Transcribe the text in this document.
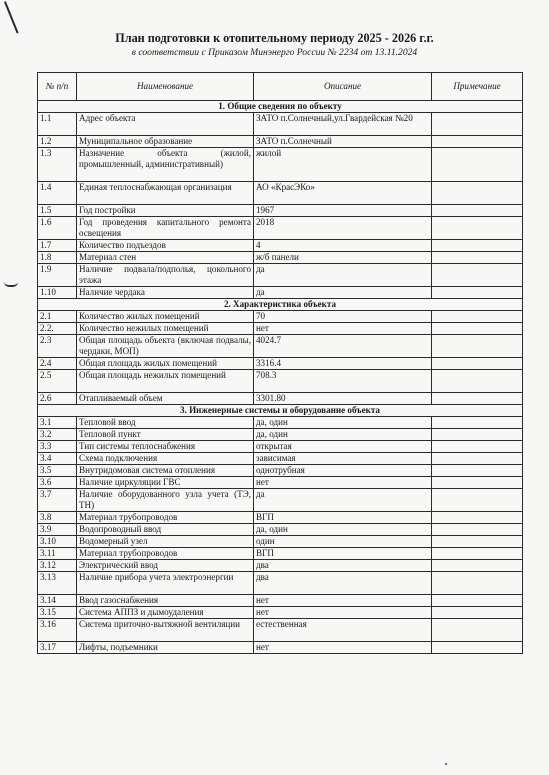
План подготовки к отопительному периоду 2025 - 2026 г.г.
в соответствии с Приказом Минэнерго России № 2234 от 13.11.2024
№ п/п	Наименование	Описание	Примечание
1. Общие сведения по объекту			
1.1	Адрес объекта	ЗАТО п.Солнечный,ул.Гвардейская №20	
1.2	Муниципальное образование	ЗАТО п.Солнечный	
1.3	Назначение объекта (жилой, промышленный, административный)	жилой	
1.4	Единая теплоснабжающая организация	АО «КрасЭКо»	
1.5	Год постройки	1967	
1.6	Год проведения капитального ремонта освещения	2018	
1.7	Количество подъездов	4	
1.8	Материал стен	ж/б панели	
1.9	Наличие подвала/подполья, цокольного этажа	да	
1.10	Наличие чердака	да	
2. Характеристика объекта			
2.1	Количество жилых помещений	70	
2.2.	Количество нежилых помещений	нет	
2.3	Общая площадь объекта (включая подвалы, чердаки, МОП)	4024.7	
2.4	Общая площадь жилых помещений	3316.4	
2.5	Общая площадь нежилых помещений	708.3	
2.6	Отапливаемый объем	3301.80	
3. Инженерные системы и оборудование объекта			
3.1	Тепловой ввод	да, один	
3.2	Тепловой пункт	да, один	
3.3	Тип системы теплоснабжения	открытая	
3.4	Схема подключения	зависимая	
3.5	Внутридомовая система отопления	однотрубная	
3.6	Наличие циркуляции ГВС	нет	
3.7	Наличие оборудованного узла учета (ТЭ, ТН)	да	
3.8	Материал трубопроводов	ВГП	
3.9	Водопроводный ввод	да, один	
3.10	Водомерный узел	один	
3.11	Материал трубопроводов	ВГП	
3.12	Электрический ввод	два	
3.13	Наличие прибора учета электроэнергии	два	
3.14	Ввод газоснабжения	нет	
3.15	Система АППЗ и дымоудаления	нет	
3.16	Система приточно-вытяжной вентиляции	естественная	
3.17	Лифты, подъемники	нет	
